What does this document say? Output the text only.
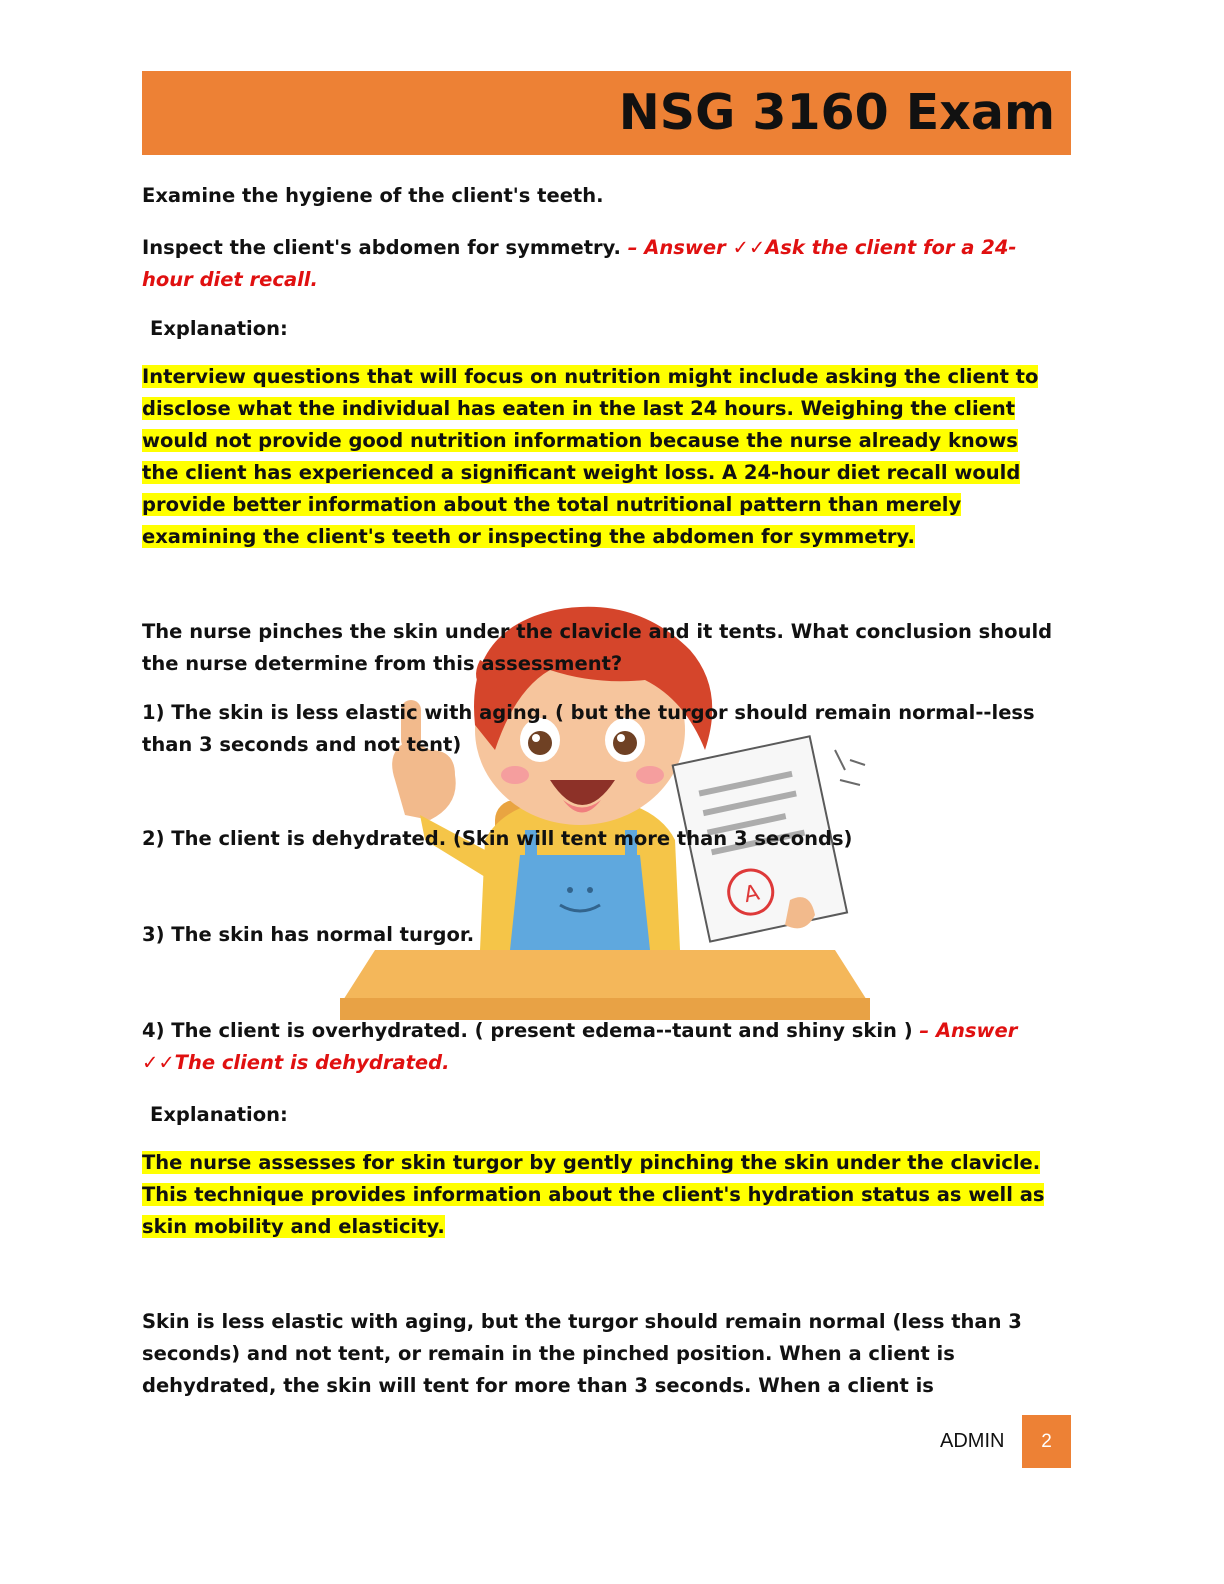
NSG 3160 Exam
A
Examine the hygiene of the client's teeth.
Inspect the client's abdomen for symmetry. – Answer ✓✓Ask the client for a 24-
hour diet recall.
Explanation:
Interview questions that will focus on nutrition might include asking the client to
disclose what the individual has eaten in the last 24 hours. Weighing the client
would not provide good nutrition information because the nurse already knows
the client has experienced a significant weight loss. A 24-hour diet recall would
provide better information about the total nutritional pattern than merely
examining the client's teeth or inspecting the abdomen for symmetry.
The nurse pinches the skin under the clavicle and it tents. What conclusion should
the nurse determine from this assessment?
1) The skin is less elastic with aging. ( but the turgor should remain normal--less
than 3 seconds and not tent)
2) The client is dehydrated. (Skin will tent more than 3 seconds)
3) The skin has normal turgor.
4) The client is overhydrated. ( present edema--taunt and shiny skin ) – Answer
✓✓The client is dehydrated.
Explanation:
The nurse assesses for skin turgor by gently pinching the skin under the clavicle.
This technique provides information about the client's hydration status as well as
skin mobility and elasticity.
Skin is less elastic with aging, but the turgor should remain normal (less than 3
seconds) and not tent, or remain in the pinched position. When a client is
dehydrated, the skin will tent for more than 3 seconds. When a client is
ADMIN	2
